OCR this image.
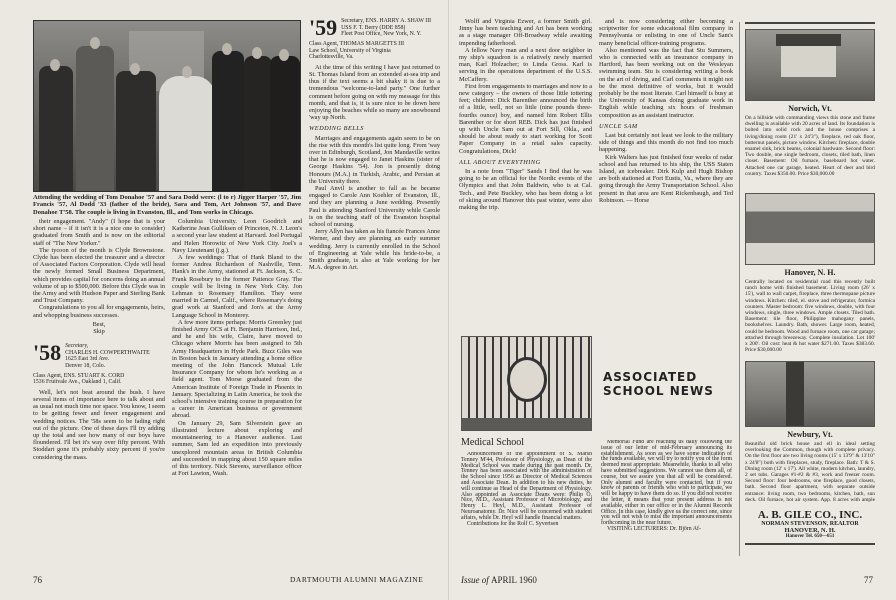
Attending the wedding of Tom Donahoe '57 and Sara Dodd were: (l to r) Jigger Harper '57, Jim Francis '57, Al Dodd '33 (father of the bride), Sara and Tom, Art Johnson '57, and Dave Donahoe T'58. The couple is living in Evanston, Ill., and Tom works in Chicago.

their engagement. "Andy" (I hope that is your short name – if it isn't it is a nice one to consider) graduated from Smith and is now on the editorial staff of "The New Yorker."

The tycoon of the month is Clyde Brownstone. Clyde has been elected the treasurer and a director of Associated Factors Corporation. Clyde will head the newly formed Small Business Department, which provides capital for concerns doing an annual volume of up to $500,000. Before this Clyde was in the Army and with Hudson Paper and Sterling Bank and Trust Company.

Congratulations to you all for engagements, heirs, and whopping business successes.

Best,
Skip
'58 Secretary,
CHARLES H. COWPERTHWAITE
1625 East 3rd Ave.
Denver 18, Colo.
Class Agent, ENS. STUART K. CORD
1536 Fruitvale Ave., Oakland 1, Calif.

Well, let's not beat around the bush. I have several items of importance here to talk about and as usual not much time nor space. You know, I seem to be getting fewer and fewer engagement and wedding notices. The '58s seem to be fading right out of the picture. One of these days I'll try adding up the total and see how many of our boys have floundered. I'll bet it's way over fifty percent. With Stoddart gone it's probably sixty percent if you're considering the mass.

Columbia University. Leon Goodrich and Katherine Jean Gulliksen of Princeton, N. J. Leon's a second year law student at Harvard. Joel Portugal and Helen Horowitz of New York City. Joel's a Navy Lieutenant (j.g.).

A few weddings: That of Hank Bland to the former Andrea Richardson of Nashville, Tenn. Hank's in the Army, stationed at Ft. Jackson, S. C. Frank Rosebury to the former Patience Gray. The couple will be living in New York City. Jon Lehman to Rosemary Hamilton. They were married in Carmel, Calif., where Rosemary's doing grad work at Stanford and Jon's at the Army Language School in Monterey.

A few more items perhaps: Morris Greenley just finished Army OCS at Ft. Benjamin Harrison, Ind., and he and his wife, Claire, have moved to Chicago where Morris has been assigned to 5th Army Headquarters in Hyde Park. Buzz Giles was in Boston back in January attending a home office meeting of the John Hancock Mutual Life Insurance Company for whom he's working as a field agent. Tom Morse graduated from the American Institute of Foreign Trade in Phoenix in January. Specializing in Latin America, he took the school's intensive training course in preparation for a career in American business or government abroad.

On January 29, Sam Silverstein gave an illustrated lecture about exploring and mountaineering to a Hanover audience. Last summer, Sam led an expedition into previously unexplored mountain areas in British Columbia and succeeded in mapping about 150 square miles of this territory. Nick Stevens, surveillance officer at Fort Lawton, Wash.

'59 Secretary, ENS. HARRY A. SHAW III
USS F. T. Berry (DDE 858)
Fleet Post Office, New York, N. Y.
Class Agent, THOMAS MARGETTS III
Law School, University of Virginia
Charlottesville, Va.

At the time of this writing I have just returned to St. Thomas Island from an extended at-sea trip and thus if the text seems a bit shaky it is due to a tremendous "welcome-to-land party." One further comment before going on with my message for this month, and that is, it is sure nice to be down here enjoying the beaches while so many are snowbound 'way up North.

WEDDING BELLS

Marriages and engagements again seem to be on the rise with this month's list quite long. From 'way over in Edinburgh, Scotland, Jon Mandaville writes that he is now engaged to Janet Haskins (sister of George Haskins '54). Jon is presently doing Honours (M.A.) in Turkish, Arabic, and Persian at the University there.

Paul Anvil is another to fall as he became engaged to Carole Ann Koehler of Evanston, Ill., and they are planning a June wedding. Presently Paul is attending Stanford University while Carole is on the teaching staff of the Evanston hospital school of nursing.

Jerry Allyn has taken as his fiancée Frances Anne Werner, and they are planning an early summer wedding. Jerry is currently enrolled in the School of Engineering at Yale while his bride-to-be, a Smith graduate, is also at Yale working for her M.A. degree in Art.

76	DARTMOUTH ALUMNI MAGAZINE

Wolff and Virginia Ezwer, a former Smith girl. Jinny has been teaching and Art has been working as a stage manager Off-Broadway while awaiting impending fatherhood.

A fellow Navy man and a next door neighbor in my ship's squadron is a relatively newly married man, Karl Holzacher; to Linda Gross. Karl is serving in the operations department of the U.S.S. McCaffery.

First from engagements to marriages and now to a new category – the owners of those little tottering feet; children: Dick Barenther announced the birth of a little, well, not so little (nine pounds three-fourths ounce) boy, and named him Robert Ellis Barenther or for short REB. Dick has just finished up with Uncle Sam out at Fort Sill, Okla., and should be about ready to start working for Scott Paper Company in a retail sales capacity. Congratulations, Dick!

ALL ABOUT EVERYTHING

In a note from "Tiger" Sands I find that he was going to be an official for the Nordic events of the Olympics and that John Baldwin, who is at Cal. Tech., and Pete Buckley, who has been doing a lot of skiing around Hanover this past winter, were also making the trip.

and is now considering either becoming a scriptwriter for some educational film company in Pennsylvania or enlisting in one of Uncle Sam's many beneficial officer-training programs.

Also mentioned was the fact that Stu Summers, who is connected with an insurance company in Hartford, has been working out on the Wesleyan swimming team. Stu is considering writing a book on the art of diving, and Carl comments it might not be the most definitive of works, but it would probably be the most literate. Carl himself is busy at the University of Kansas doing graduate work in English while teaching six hours of freshman composition as an assistant instructor.

UNCLE SAM

Last but certainly not least we look to the military side of things and this month do not find too much happening.

Kirk Walters has just finished four weeks of radar school and has returned to his ship, the USS Staten Island, an icebreaker. Dirk Kulp and Hugh Bishop are both stationed at Fort Eustis, Va., where they are going through the Army Transportation School. Also present in that area are Kent Rickenbaugh, and Ted Robinson. — Horse

ASSOCIATED
SCHOOL NEWS
Medical School

Announcement of the appointment of S. Marsh Tenney M'44, Professor of Physiology, as Dean of the Medical School was made during the past month. Dr. Tenney has been associated with the administration of the School since 1956 as Director of Medical Sciences and Associate Dean. In addition to his new duties, he will continue as Head of the Department of Physiology. Also appointed as Associate Deans were: Philip O. Nice, M.D., Assistant Professor of Microbiology, and Henry L. Heyl, M.D., Assistant Professor of Neuroanatomy. Dr. Nice will be concerned with student affairs, while Dr. Heyl will handle financial matters.

Contributions for the Rolf C. Syvertsen

Memorial Fund are reaching us daily following the issue of our letter of mid-February announcing its establishment. As soon as we have some indication of the funds available, we will try to notify you of the form deemed most appropriate. Meanwhile, thanks to all who have submitted suggestions. We cannot use them all, of course, but we assure you that all will be considered. Only alumni and faculty were contacted, but if you know of parents or friends who wish to participate, we will be happy to have them do so. If you did not receive the letter, it means that your present address is not available, either in our office or in the Alumni Records Office. In this case, kindly give us the correct one, since you will not wish to miss the important announcements forthcoming in the near future.

VISITING LECTURERS: Dr. Björn Af-

Norwich, Vt.
On a hillside with commanding views this stone and frame dwelling is available with 20 acres of land. Its foundation is bolted into solid rock and the house comprises a living/dining room (21' x 24'3"), fireplace, red oak floor, butternut panels, picture window. Kitchen: fireplace, double enamel sink, brick beams, colonial hardware. Second floor: Two double, one single bedroom, closets, tiled bath, linen closet. Basement: Oil furnace, baseboard hot water. Attached one car garage, heated. Heart of deer and bird country. Taxes $350.00. Price $30,000.00
Hanover, N. H.
Centrally located on residential road this recently built ranch home with finished basement. Living room (26' x 15'), wall to wall carpet, fireplace, three thermopane picture windows. Kitchen: tiled, el. stove and refrigerator, formica counters. Master bedroom: five windows, double, with four windows, single, three windows. Ample closets. Tiled bath. Basement: tile floor, Philippine mahogany panels, bookshelves. Laundry. Bath, shower. Large room, heated, could be bedroom. Wood and furnace room, one car garage; attached through breezeway. Complete insulation. Lot 100' x 200'. Oil cost: heat & hot water $271.00. Taxes $383.60. Price $30,000.00
Newbury, Vt.
Beautiful old brick house and ell in ideal setting overlooking the Common, though with complete privacy. On the first floor are two living rooms (15' x 13'9" & 13'10" x 24'8") both with fireplaces, study, fireplace. Bath: T & S. Dining room (12' x 17'). All white, modern kitchen, laundry, 2 set tubs. Garages #1-#2 & #3, work and freezer room. Second floor: four bedrooms, one fireplace, good closets, bath. Second floor apartment, with separate outside entrance: living room, two bedrooms, kitchen, bath, sun deck. Oil furnace, hot air system. App. 8 acres with ample
A. B. GILE CO., INC.
NORMAN STEVENSON, REALTOR
HANOVER, N. H.
Hanover Tel. 650—651
Issue of APRIL 1960	77
